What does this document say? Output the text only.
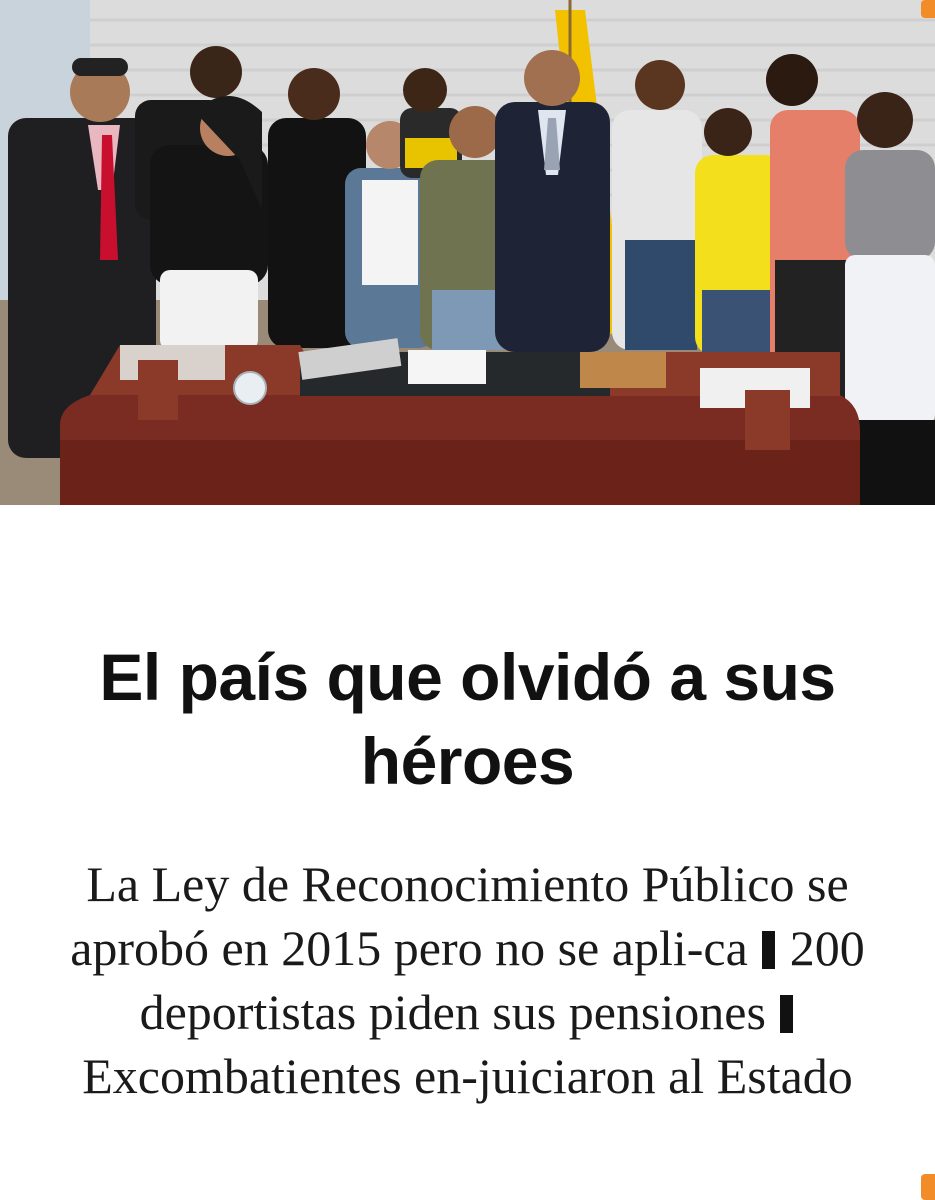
El país que olvidó a sus héroes

La Ley de Reconocimiento Público se aprobó en 2015 pero no se apli-ca 200 deportistas piden sus pensiones  Excombatientes en-juiciaron al Estado
